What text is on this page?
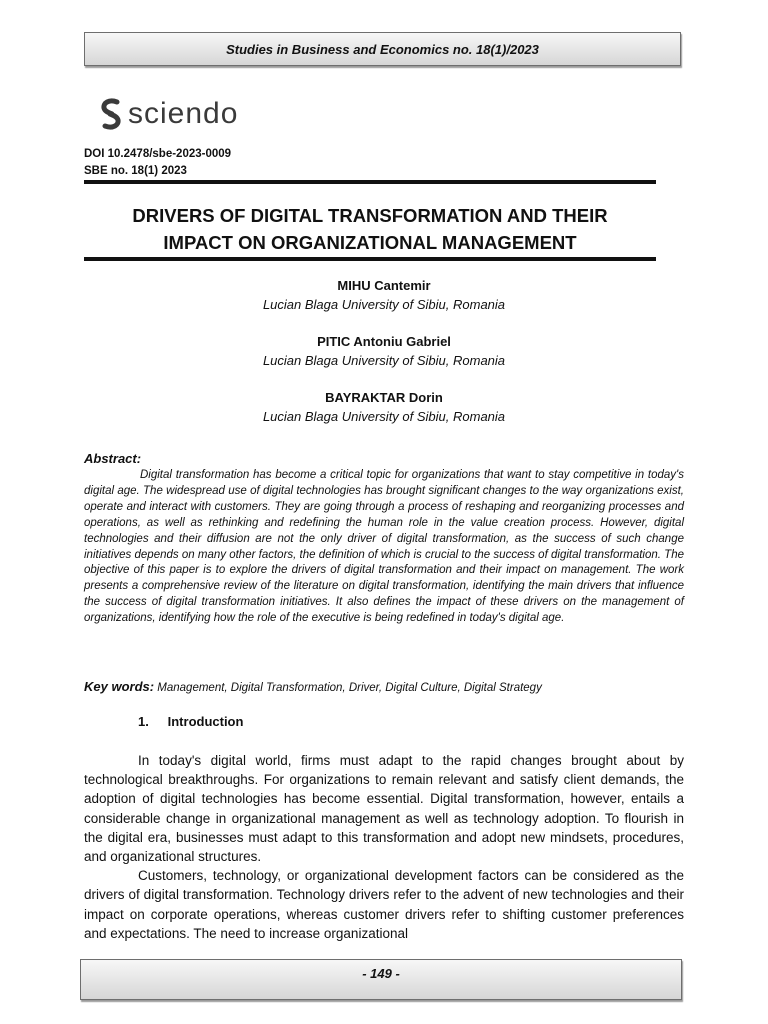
Studies in Business and Economics no. 18(1)/2023
sciendo
DOI 10.2478/sbe-2023-0009
SBE no. 18(1) 2023
DRIVERS OF DIGITAL TRANSFORMATION AND THEIR
IMPACT ON ORGANIZATIONAL MANAGEMENT
MIHU Cantemir
Lucian Blaga University of Sibiu, Romania
PITIC Antoniu Gabriel
Lucian Blaga University of Sibiu, Romania
BAYRAKTAR Dorin
Lucian Blaga University of Sibiu, Romania
Abstract:

Digital transformation has become a critical topic for organizations that want to stay competitive in today's digital age. The widespread use of digital technologies has brought significant changes to the way organizations exist, operate and interact with customers. They are going through a process of reshaping and reorganizing processes and operations, as well as rethinking and redefining the human role in the value creation process. However, digital technologies and their diffusion are not the only driver of digital transformation, as the success of such change initiatives depends on many other factors, the definition of which is crucial to the success of digital transformation. The objective of this paper is to explore the drivers of digital transformation and their impact on management. The work presents a comprehensive review of the literature on digital transformation, identifying the main drivers that influence the success of digital transformation initiatives. It also defines the impact of these drivers on the management of organizations, identifying how the role of the executive is being redefined in today's digital age.

Key words: Management, Digital Transformation, Driver, Digital Culture, Digital Strategy
1. Introduction

In today's digital world, firms must adapt to the rapid changes brought about by technological breakthroughs. For organizations to remain relevant and satisfy client demands, the adoption of digital technologies has become essential. Digital transformation, however, entails a considerable change in organizational management as well as technology adoption. To flourish in the digital era, businesses must adapt to this transformation and adopt new mindsets, procedures, and organizational structures.

Customers, technology, or organizational development factors can be considered as the drivers of digital transformation. Technology drivers refer to the advent of new technologies and their impact on corporate operations, whereas customer drivers refer to shifting customer preferences and expectations. The need to increase organizational

- 149 -
